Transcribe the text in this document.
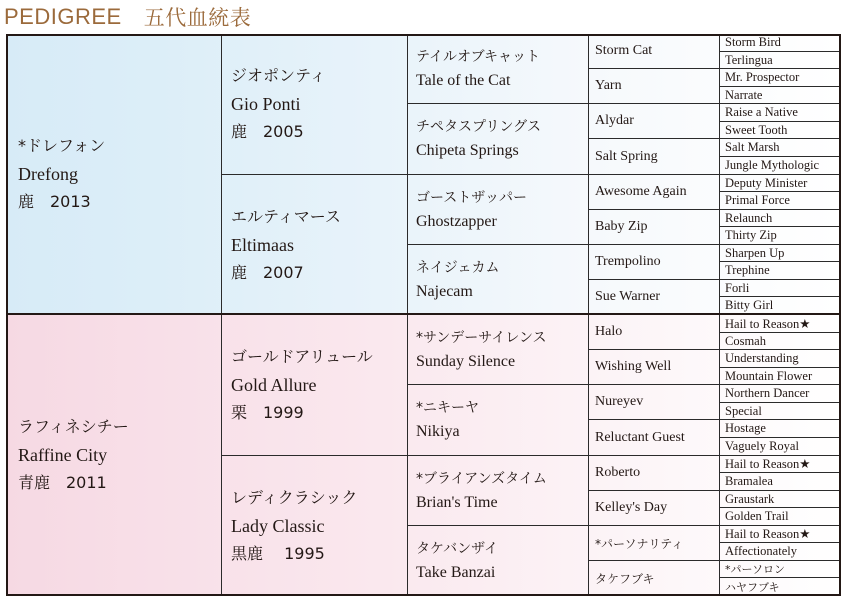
PEDIGREE 五代血統表
*ドレフォン
Drefong
鹿　2013
ラフィネシチー
Raffine City
青鹿　2011
ジオポンティ
Gio Ponti
鹿　2005
エルティマース
Eltimaas
鹿　2007
ゴールドアリュール
Gold Allure
栗　1999
レディクラシック
Lady Classic
黒鹿　 1995
テイルオブキャット
Tale of the Cat
チペタスプリングス
Chipeta Springs
ゴーストザッパー
Ghostzapper
ネイジェカム
Najecam
*サンデーサイレンス
Sunday Silence
*ニキーヤ
Nikiya
*ブライアンズタイム
Brian's Time
タケバンザイ
Take Banzai
Storm Cat
Yarn
Alydar
Salt Spring
Awesome Again
Baby Zip
Trempolino
Sue Warner
Halo
Wishing Well
Nureyev
Reluctant Guest
Roberto
Kelley's Day
*パーソナリティ
タケフブキ
Storm Bird
Terlingua
Mr. Prospector
Narrate
Raise a Native
Sweet Tooth
Salt Marsh
Jungle Mythologic
Deputy Minister
Primal Force
Relaunch
Thirty Zip
Sharpen Up
Trephine
Forli
Bitty Girl
Hail to Reason★
Cosmah
Understanding
Mountain Flower
Northern Dancer
Special
Hostage
Vaguely Royal
Hail to Reason★
Bramalea
Graustark
Golden Trail
Hail to Reason★
Affectionately
*パーソロン
ハヤフブキ
